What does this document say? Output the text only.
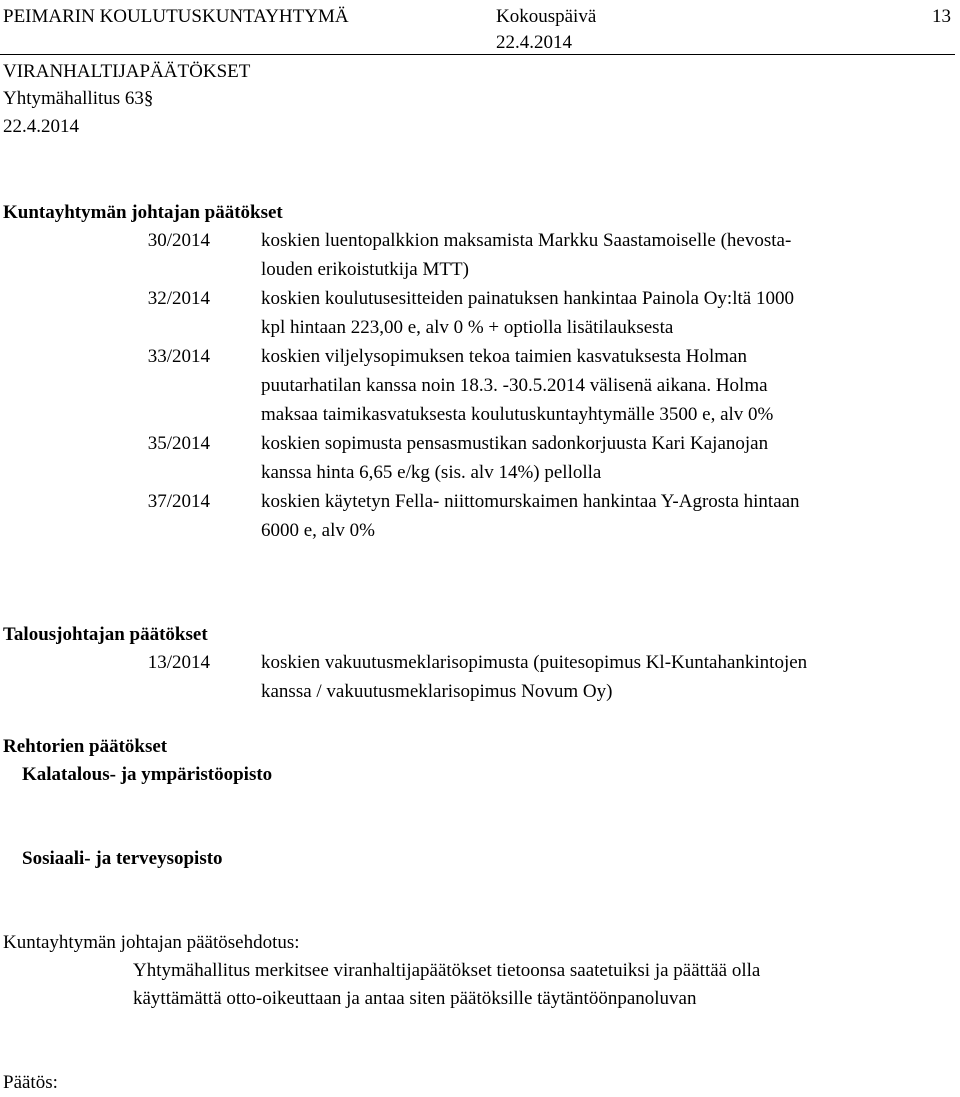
PEIMARIN KOULUTUSKUNTAYHTYMÄ	Kokouspäivä
22.4.2014
13
VIRANHALTIJAPÄÄTÖKSET
Yhtymähallitus 63§
22.4.2014
Kuntayhtymän johtajan päätökset
30/2014	koskien luentopalkkion maksamista Markku Saastamoiselle (hevosta-
louden erikoistutkija MTT)
32/2014	koskien koulutusesitteiden painatuksen hankintaa Painola Oy:ltä 1000
kpl hintaan 223,00 e, alv 0 % + optiolla lisätilauksesta
33/2014	koskien viljelysopimuksen tekoa taimien kasvatuksesta Holman
puutarhatilan kanssa noin 18.3. -30.5.2014 välisenä aikana. Holma
maksaa taimikasvatuksesta koulutuskuntayhtymälle 3500 e, alv 0%
35/2014	koskien sopimusta pensasmustikan sadonkorjuusta Kari Kajanojan
kanssa hinta 6,65 e/kg (sis. alv 14%) pellolla
37/2014	koskien käytetyn Fella- niittomurskaimen hankintaa Y-Agrosta hintaan
6000 e, alv 0%
Talousjohtajan päätökset
13/2014	koskien vakuutusmeklarisopimusta (puitesopimus Kl-Kuntahankintojen
kanssa / vakuutusmeklarisopimus Novum Oy)
Rehtorien päätökset
Kalatalous- ja ympäristöopisto
Sosiaali- ja terveysopisto
Kuntayhtymän johtajan päätösehdotus:
Yhtymähallitus merkitsee viranhaltijapäätökset tietoonsa saatetuiksi ja päättää olla
käyttämättä otto-oikeuttaan ja antaa siten päätöksille täytäntöönpanoluvan
Päätös:
